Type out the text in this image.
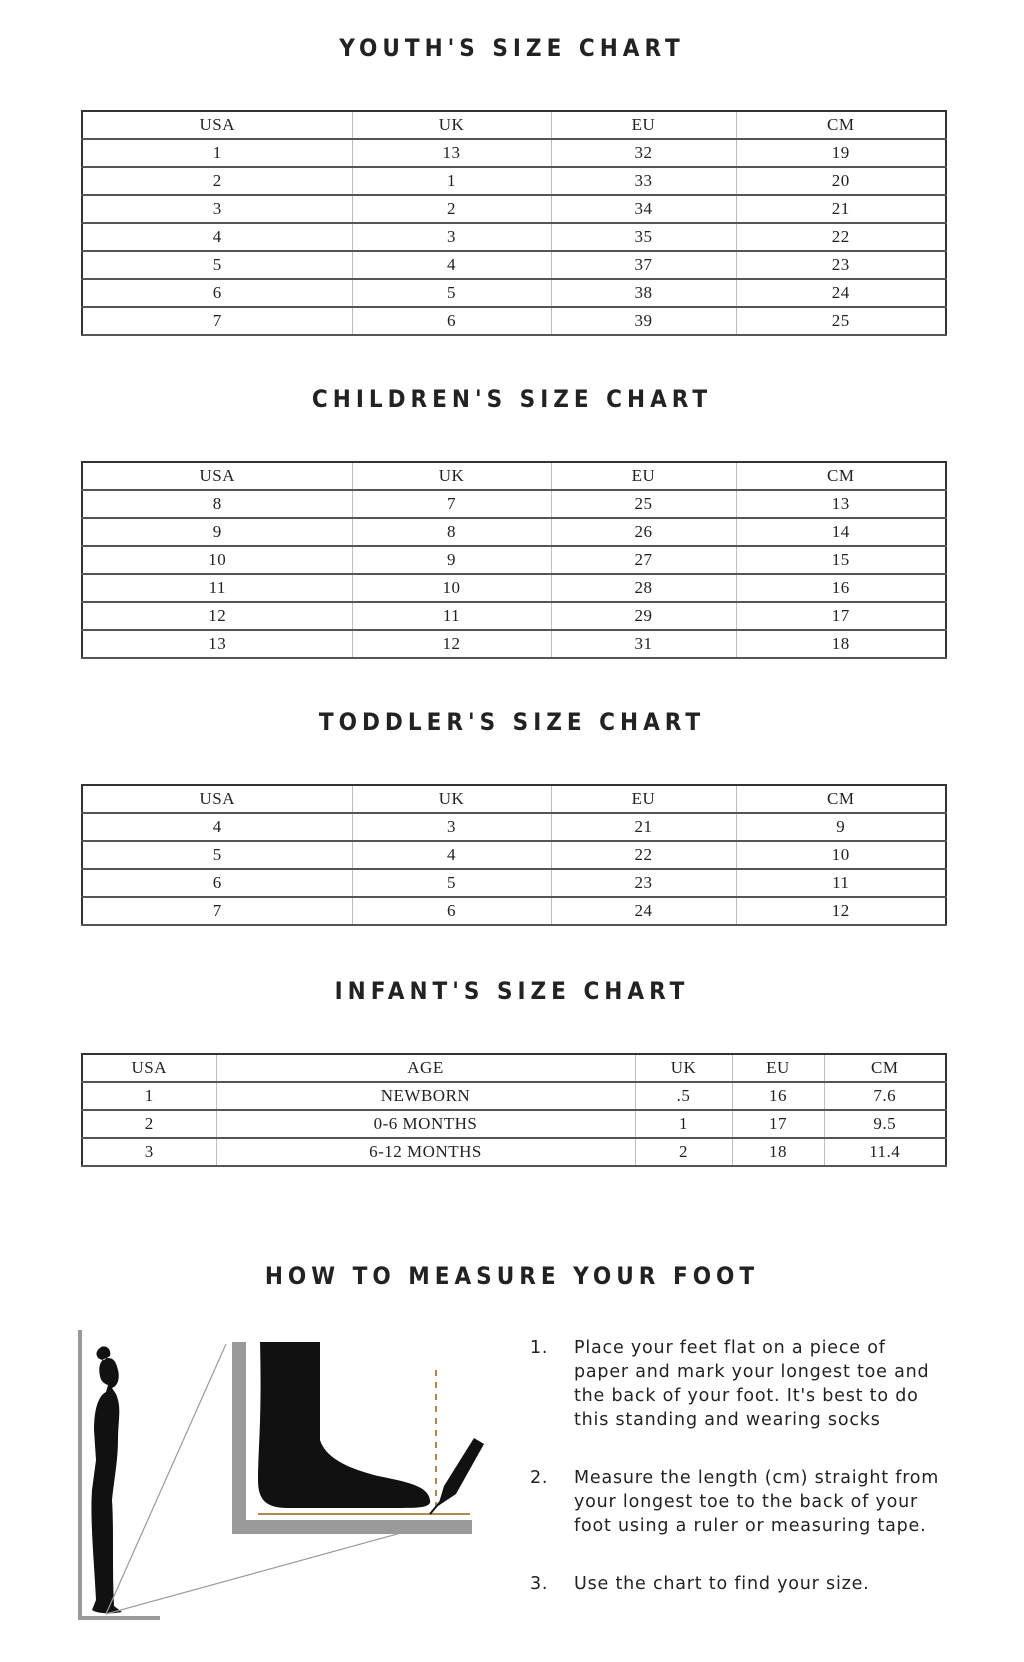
YOUTH'S SIZE CHART
USA	UK	EU	CM
1	13	32	19
2	1	33	20
3	2	34	21
4	3	35	22
5	4	37	23
6	5	38	24
7	6	39	25
CHILDREN'S SIZE CHART
USA	UK	EU	CM
8	7	25	13
9	8	26	14
10	9	27	15
11	10	28	16
12	11	29	17
13	12	31	18
TODDLER'S SIZE CHART
USA	UK	EU	CM
4	3	21	9
5	4	22	10
6	5	23	11
7	6	24	12
INFANT'S SIZE CHART
USA	AGE	UK	EU	CM
1	NEWBORN	.5	16	7.6
2	0-6 MONTHS	1	17	9.5
3	6-12 MONTHS	2	18	11.4
HOW TO MEASURE YOUR FOOT
1. Place your feet flat on a piece of paper and mark your longest toe and the back of your foot. It's best to do this standing and wearing socks
2. Measure the length (cm) straight from your longest toe to the back of your foot using a ruler or measuring tape.
3. Use the chart to find your size.
